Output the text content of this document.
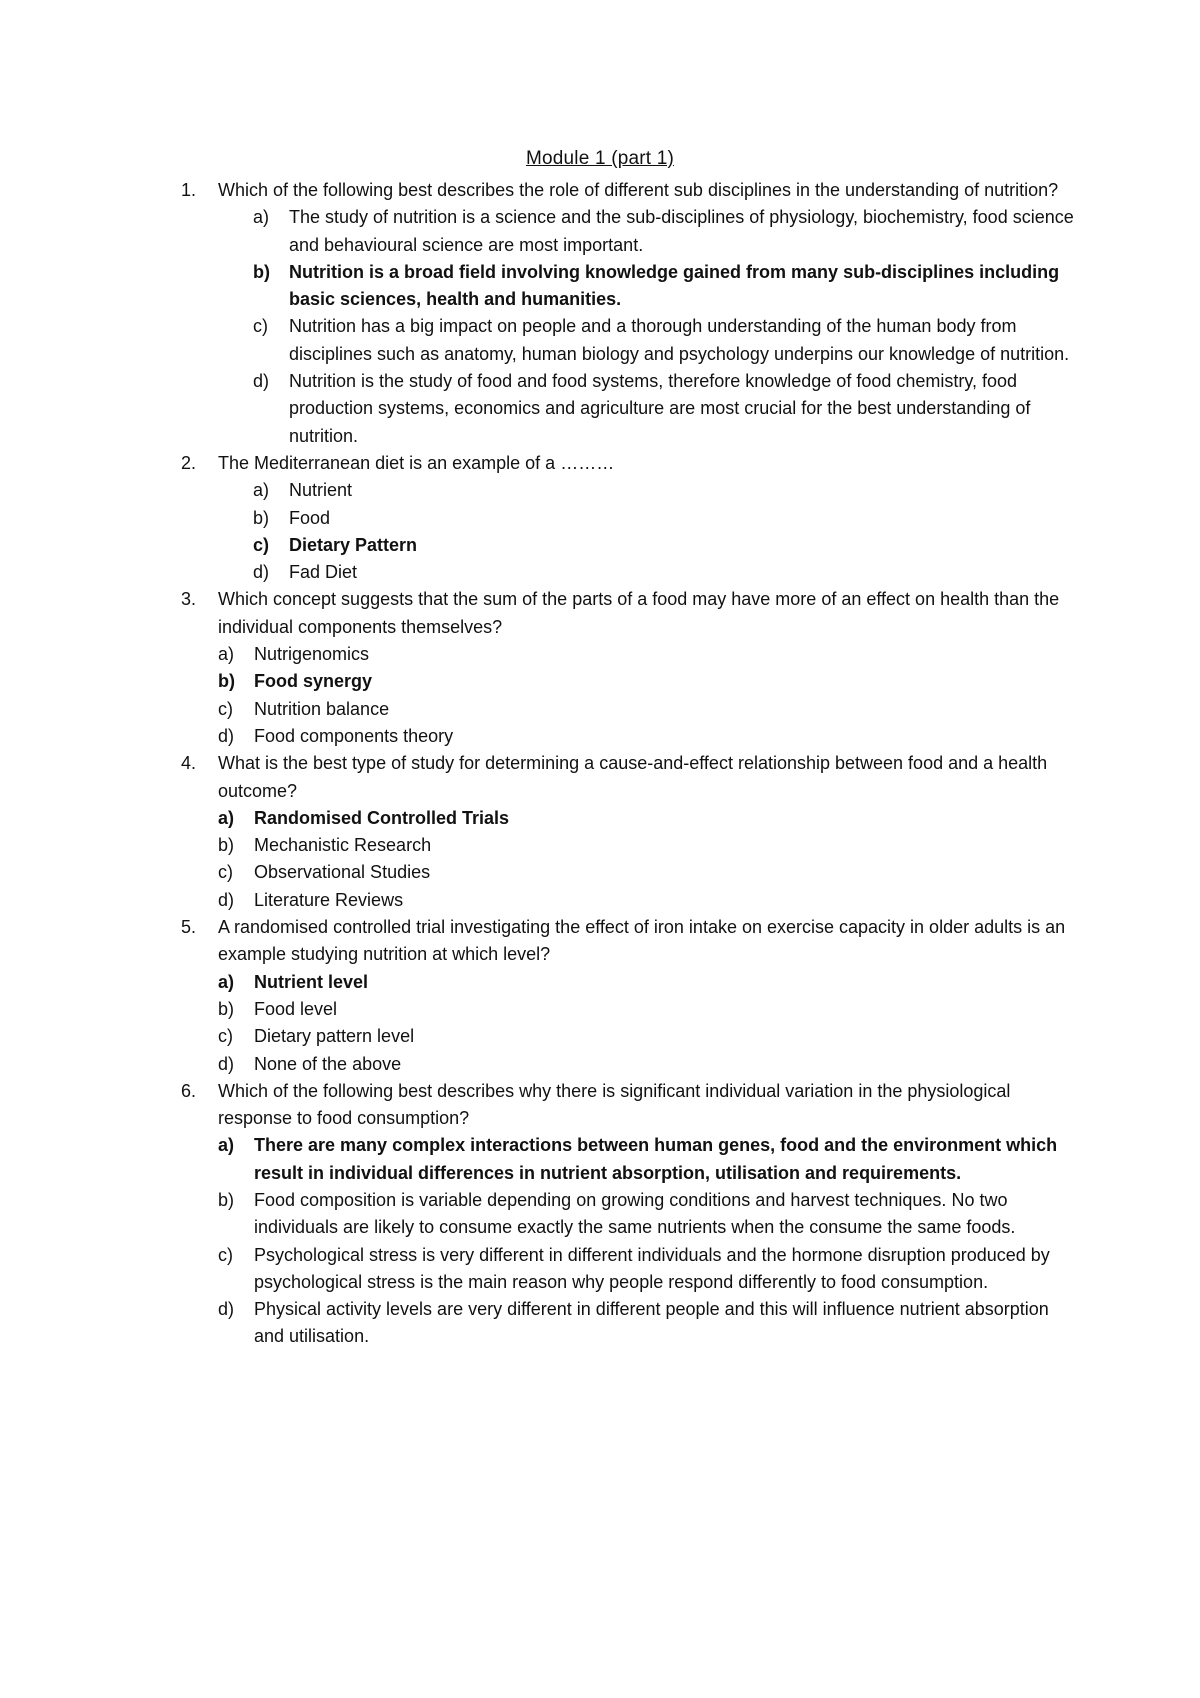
Module 1 (part 1)
1.	Which of the following best describes the role of different sub disciplines in the understanding of nutrition?
a)	The study of nutrition is a science and the sub-disciplines of physiology, biochemistry, food science and behavioural science are most important.
b)	Nutrition is a broad field involving knowledge gained from many sub-disciplines including basic sciences, health and humanities.
c)	Nutrition has a big impact on people and a thorough understanding of the human body from disciplines such as anatomy, human biology and psychology underpins our knowledge of nutrition.
d)	Nutrition is the study of food and food systems, therefore knowledge of food chemistry, food production systems, economics and agriculture are most crucial for the best understanding of nutrition.
2.	The Mediterranean diet is an example of a ………
a)	Nutrient
b)	Food
c)	Dietary Pattern
d)	Fad Diet
3.	Which concept suggests that the sum of the parts of a food may have more of an effect on health than the individual components themselves?
a)	Nutrigenomics
b)	Food synergy
c)	Nutrition balance
d)	Food components theory
4.	What is the best type of study for determining a cause-and-effect relationship between food and a health outcome?
a)	Randomised Controlled Trials
b)	Mechanistic Research
c)	Observational Studies
d)	Literature Reviews
5.	A randomised controlled trial investigating the effect of iron intake on exercise capacity in older adults is an example studying nutrition at which level?
a)	Nutrient level
b)	Food level
c)	Dietary pattern level
d)	None of the above
6.	Which of the following best describes why there is significant individual variation in the physiological response to food consumption?
a)	There are many complex interactions between human genes, food and the environment which result in individual differences in nutrient absorption, utilisation and requirements.
b)	Food composition is variable depending on growing conditions and harvest techniques. No two individuals are likely to consume exactly the same nutrients when the consume the same foods.
c)	Psychological stress is very different in different individuals and the hormone disruption produced by psychological stress is the main reason why people respond differently to food consumption.
d)	Physical activity levels are very different in different people and this will influence nutrient absorption and utilisation.
